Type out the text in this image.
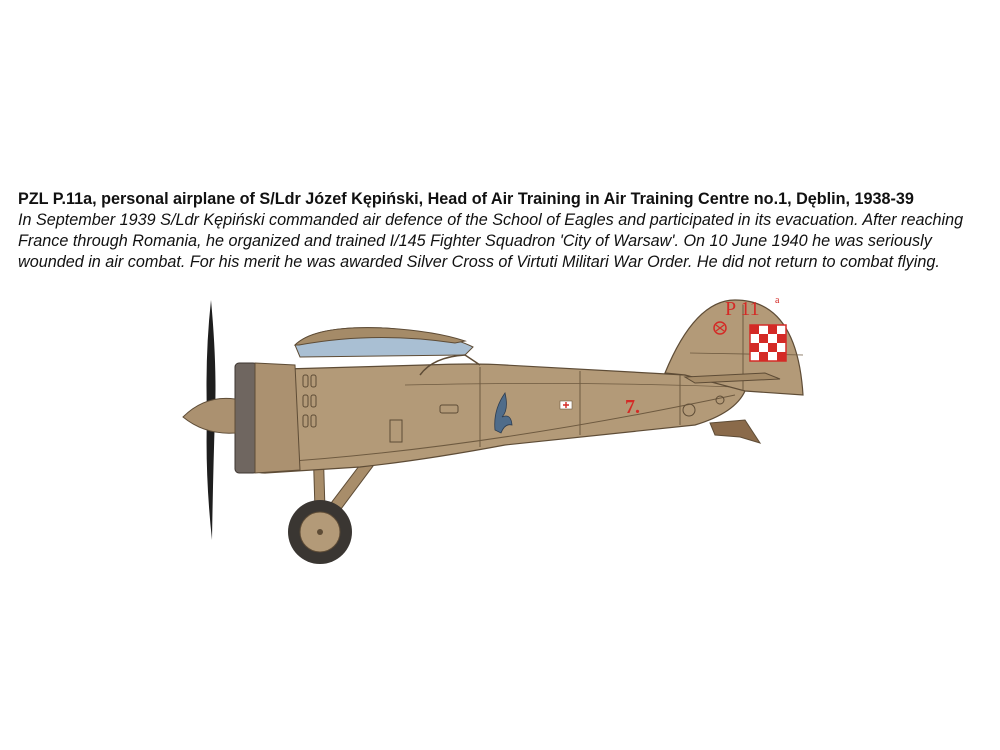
PZL P.11a, personal airplane of S/Ldr Józef Kępiński, Head of Air Training in Air Training Centre no.1, Dęblin, 1938-39
In September 1939 S/Ldr Kępiński commanded air defence of the School of Eagles and participated in its evacuation. After reaching France through Romania, he organized and trained I/145 Fighter Squadron 'City of Warsaw'. On 10 June 1940 he was seriously wounded in air combat. For his merit he was awarded Silver Cross of Virtuti Militari War Order. He did not return to combat flying.
P 11 a
7.
